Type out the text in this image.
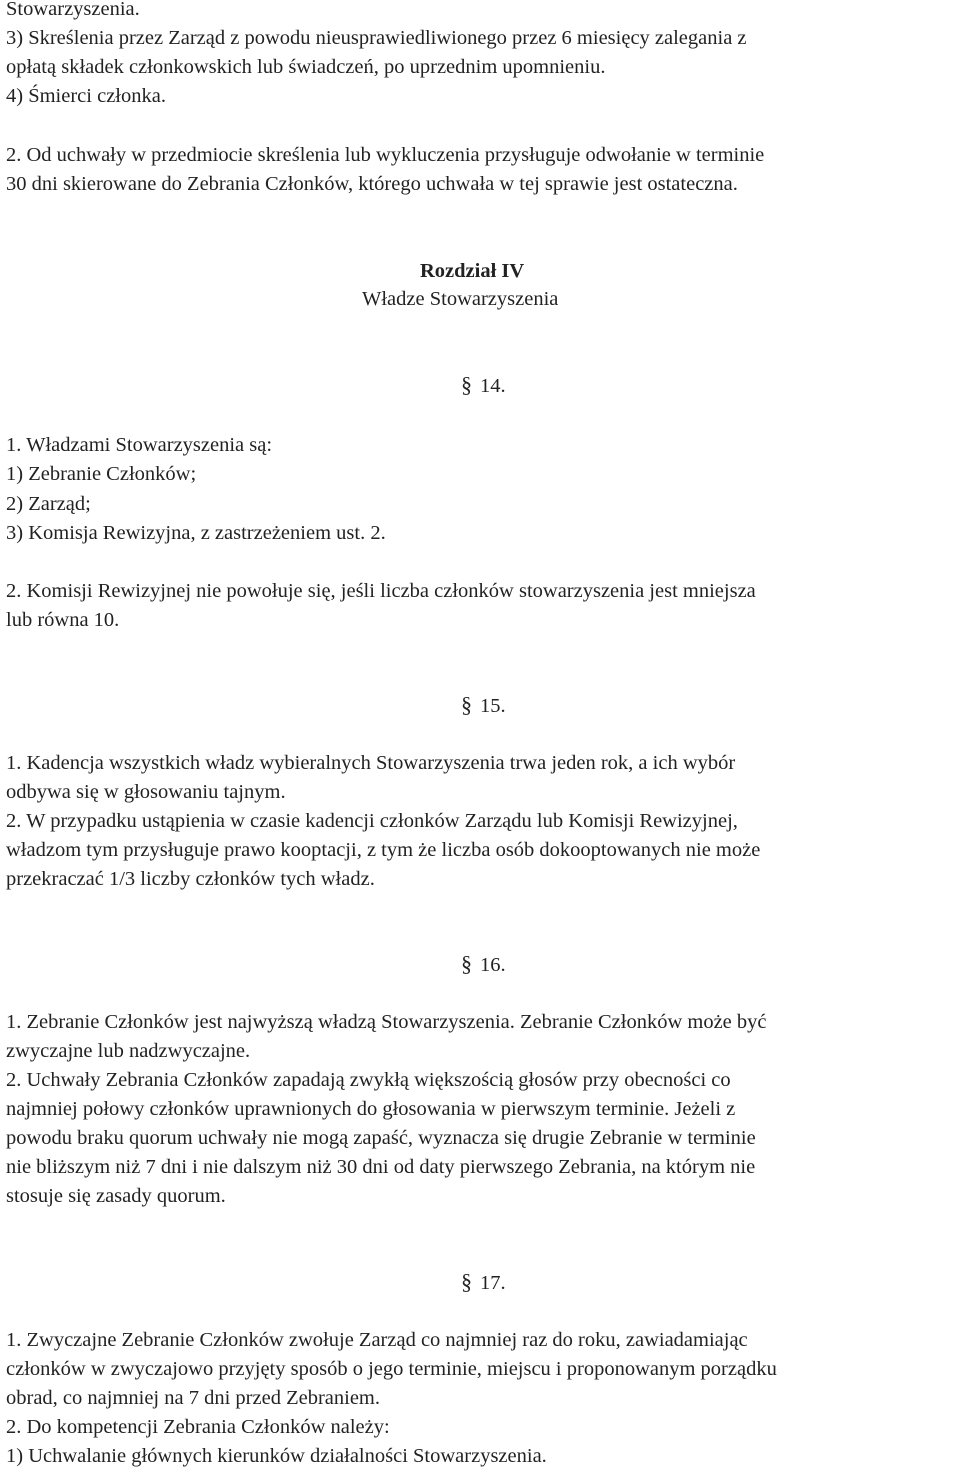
Stowarzyszenia.
3) Skreślenia przez Zarząd z powodu nieusprawiedliwionego przez 6 miesięcy zalegania z
opłatą składek członkowskich lub świadczeń, po uprzednim upomnieniu.
4) Śmierci członka.
2. Od uchwały w przedmiocie skreślenia lub wykluczenia przysługuje odwołanie w terminie
30 dni skierowane do Zebrania Członków, którego uchwała w tej sprawie jest ostateczna.
Rozdział IV
Władze Stowarzyszenia
§ 14.
1. Władzami Stowarzyszenia są:
1) Zebranie Członków;
2) Zarząd;
3) Komisja Rewizyjna, z zastrzeżeniem ust. 2.
2. Komisji Rewizyjnej nie powołuje się, jeśli liczba członków stowarzyszenia jest mniejsza
lub równa 10.
§ 15.
1. Kadencja wszystkich władz wybieralnych Stowarzyszenia trwa jeden rok, a ich wybór
odbywa się w głosowaniu tajnym.
2. W przypadku ustąpienia w czasie kadencji członków Zarządu lub Komisji Rewizyjnej,
władzom tym przysługuje prawo kooptacji, z tym że liczba osób dokooptowanych nie może
przekraczać 1/3 liczby członków tych władz.
§ 16.
1. Zebranie Członków jest najwyższą władzą Stowarzyszenia. Zebranie Członków może być
zwyczajne lub nadzwyczajne.
2. Uchwały Zebrania Członków zapadają zwykłą większością głosów przy obecności co
najmniej połowy członków uprawnionych do głosowania w pierwszym terminie. Jeżeli z
powodu braku quorum uchwały nie mogą zapaść, wyznacza się drugie Zebranie w terminie
nie bliższym niż 7 dni i nie dalszym niż 30 dni od daty pierwszego Zebrania, na którym nie
stosuje się zasady quorum.
§ 17.
1. Zwyczajne Zebranie Członków zwołuje Zarząd co najmniej raz do roku, zawiadamiając
członków w zwyczajowo przyjęty sposób o jego terminie, miejscu i proponowanym porządku
obrad, co najmniej na 7 dni przed Zebraniem.
2. Do kompetencji Zebrania Członków należy:
1) Uchwalanie głównych kierunków działalności Stowarzyszenia.
